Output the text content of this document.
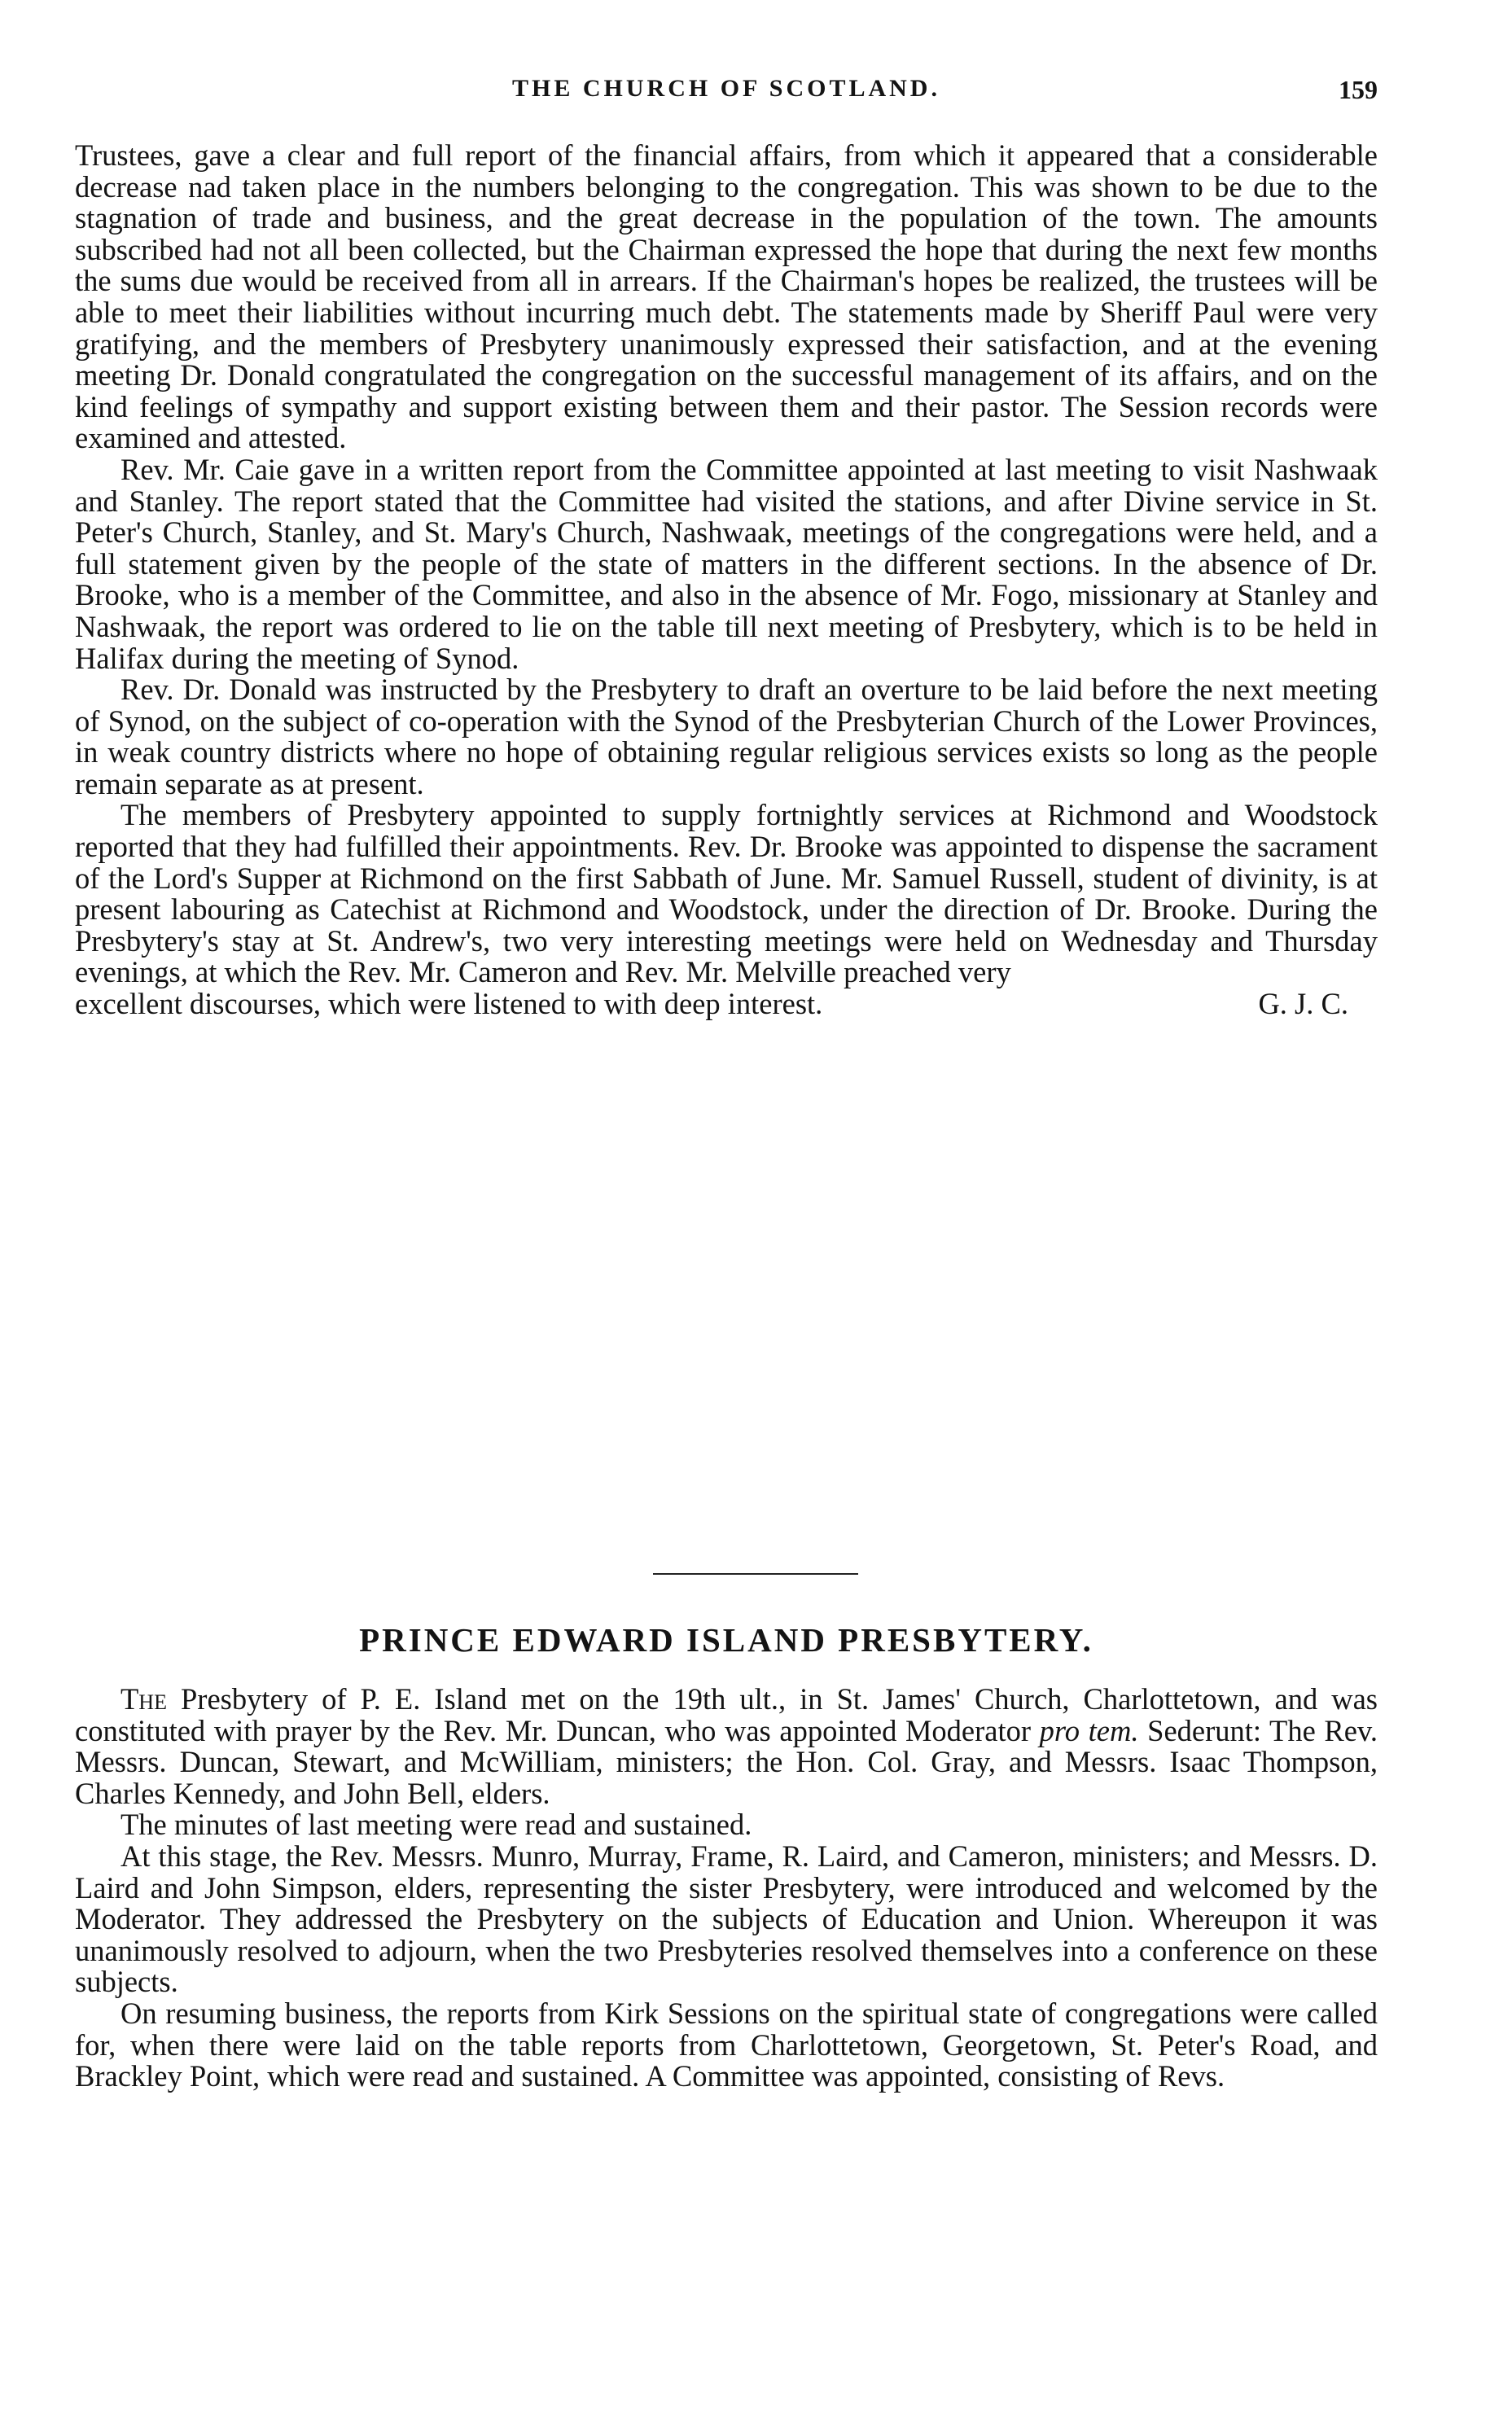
THE CHURCH OF SCOTLAND.	159

Trustees, gave a clear and full report of the financial affairs, from which it appeared that a considerable decrease nad taken place in the numbers belonging to the congregation. This was shown to be due to the stagnation of trade and business, and the great decrease in the population of the town. The amounts subscribed had not all been collected, but the Chairman expressed the hope that during the next few months the sums due would be received from all in arrears. If the Chairman's hopes be realized, the trustees will be able to meet their liabilities without incurring much debt. The statements made by Sheriff Paul were very gratifying, and the members of Presbytery unanimously expressed their satisfaction, and at the evening meeting Dr. Donald congratulated the congregation on the successful management of its affairs, and on the kind feelings of sympathy and support existing between them and their pastor. The Session records were examined and attested.

Rev. Mr. Caie gave in a written report from the Committee appointed at last meeting to visit Nashwaak and Stanley. The report stated that the Committee had visited the stations, and after Divine service in St. Peter's Church, Stanley, and St. Mary's Church, Nashwaak, meetings of the congregations were held, and a full statement given by the people of the state of matters in the different sections. In the absence of Dr. Brooke, who is a member of the Committee, and also in the absence of Mr. Fogo, missionary at Stanley and Nashwaak, the report was ordered to lie on the table till next meeting of Presbytery, which is to be held in Halifax during the meeting of Synod.

Rev. Dr. Donald was instructed by the Presbytery to draft an overture to be laid before the next meeting of Synod, on the subject of co-operation with the Synod of the Presbyterian Church of the Lower Provinces, in weak country districts where no hope of obtaining regular religious services exists so long as the people remain separate as at present.

The members of Presbytery appointed to supply fortnightly services at Richmond and Woodstock reported that they had fulfilled their appointments. Rev. Dr. Brooke was appointed to dispense the sacrament of the Lord's Supper at Richmond on the first Sabbath of June. Mr. Samuel Russell, student of divinity, is at present labouring as Catechist at Richmond and Woodstock, under the direction of Dr. Brooke. During the Presbytery's stay at St. Andrew's, two very interesting meetings were held on Wednesday and Thursday evenings, at which the Rev. Mr. Cameron and Rev. Mr. Melville preached very

excellent discourses, which were listened to with deep interest.	G. J. C.

PRINCE EDWARD ISLAND PRESBYTERY.

The Presbytery of P. E. Island met on the 19th ult., in St. James' Church, Charlottetown, and was constituted with prayer by the Rev. Mr. Duncan, who was appointed Moderator pro tem. Sederunt: The Rev. Messrs. Duncan, Stewart, and McWilliam, ministers; the Hon. Col. Gray, and Messrs. Isaac Thompson, Charles Kennedy, and John Bell, elders.

The minutes of last meeting were read and sustained.

At this stage, the Rev. Messrs. Munro, Murray, Frame, R. Laird, and Cameron, ministers; and Messrs. D. Laird and John Simpson, elders, representing the sister Presbytery, were introduced and welcomed by the Moderator. They addressed the Presbytery on the subjects of Education and Union. Whereupon it was unanimously resolved to adjourn, when the two Presbyteries resolved themselves into a conference on these subjects.

On resuming business, the reports from Kirk Sessions on the spiritual state of congregations were called for, when there were laid on the table reports from Charlottetown, Georgetown, St. Peter's Road, and Brackley Point, which were read and sustained. A Committee was appointed, consisting of Revs.
